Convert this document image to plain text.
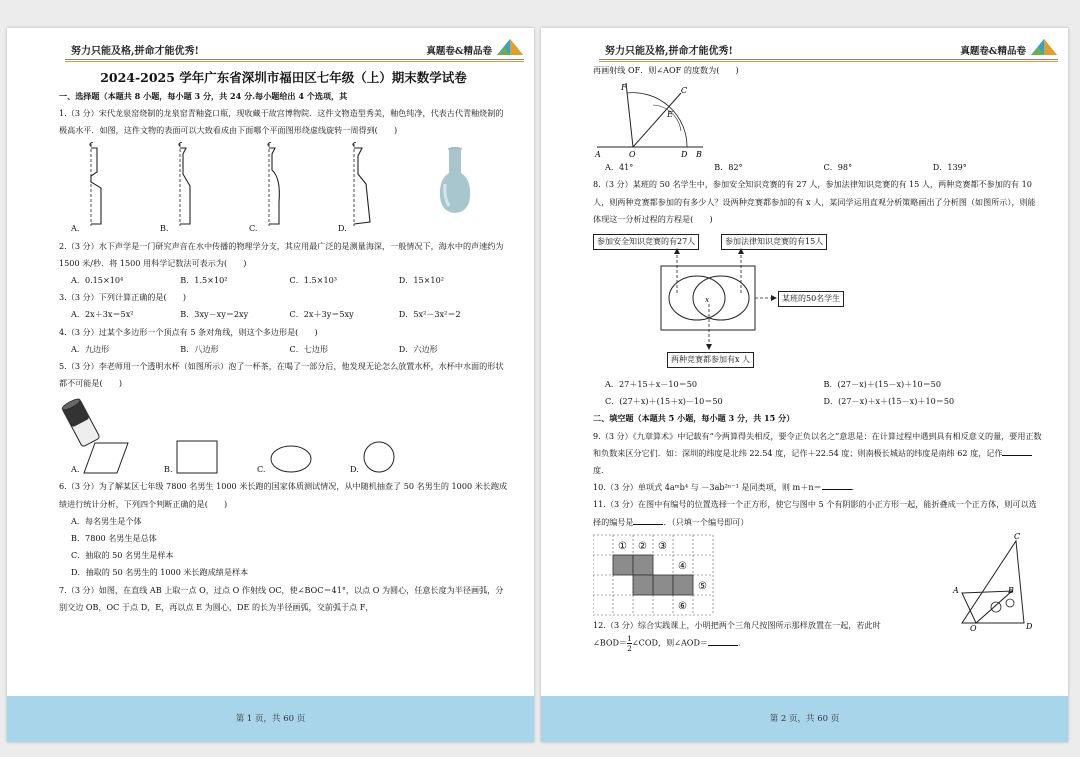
努力只能及格,拼命才能优秀!	真题卷&精品卷

2024-2025 学年广东省深圳市福田区七年级（上）期末数学试卷

一、选择题（本题共 8 小题，每小题 3 分，共 24 分.每小题给出 4 个选项，其

1.（3 分）宋代龙泉窑烧制的龙泉窑青釉瓷口瓶，现收藏于故宫博物院．这件文物造型秀美，釉色纯净，代表古代青釉烧制的极高水平．如图，这件文物的表面可以大致看成由下面哪个平面图形绕虚线旋转一周得到(　　)

A.	B.	C.	D.

2.（3 分）水下声学是一门研究声音在水中传播的物理学分支，其应用最广泛的是测量海深，一般情况下，海水中的声速约为 1500 米/秒．将 1500 用科学记数法可表示为(　　)

A．0.15×10⁴	B．1.5×10²	C．1.5×10³	D．15×10²

3.（3 分）下列计算正确的是(　　)

A．2x＋3x＝5x²	B．3xy－xy＝2xy	C．2x＋3y＝5xy	D．5x²－3x²＝2

4.（3 分）过某个多边形一个顶点有 5 条对角线，则这个多边形是(　　)

A．九边形	B．八边形	C．七边形	D．六边形

5.（3 分）李老师用一个透明水杯（如图所示）泡了一杯茶，在喝了一部分后，他发现无论怎么放置水杯，水杯中水面的形状都不可能是(　　)

A.	B.	C.	D.

6.（3 分）为了解某区七年级 7800 名男生 1000 米长跑的国家体质测试情况，从中随机抽查了 50 名男生的 1000 米长跑成绩进行统计分析，下列四个判断正确的是(　　)

A．每名男生是个体

B．7800 名男生是总体

C．抽取的 50 名男生是样本

D．抽取的 50 名男生的 1000 米长跑成绩是样本

7.（3 分）如图，在直线 AB 上取一点 O，过点 O 作射线 OC，使∠BOC＝41°，以点 O 为圆心，任意长度为半径画弧，分别交边 OB，OC 于点 D，E，再以点 E 为圆心，DE 的长为半径画弧，交前弧于点 F，

第 1 页，共 60 页
努力只能及格,拼命才能优秀!	真题卷&精品卷

再画射线 OF．则∠AOF 的度数为(　　)

F	C
E
A	O	D B
A．41°	B．82°	C．98°	D．139°

8.（3 分）某班的 50 名学生中，参加安全知识竞赛的有 27 人，参加法律知识竞赛的有 15 人，两种竞赛都不参加的有 10 人，则两种竞赛都参加的有多少人？设两种竞赛都参加的有 x 人，某同学运用直观分析策略画出了分析图（如图所示），则能体现这一分析过程的方程是(　　)

参加安全知识竞赛的有27人	参加法律知识竞赛的有15人
x	某班的50名学生
两种竞赛都参加有x 人
A．27＋15＋x－10＝50	B．(27－x)＋(15－x)＋10＝50
C．(27＋x)＋(15＋x)－10＝50	D．(27－x)＋x＋(15－x)＋10＝50

二、填空题（本题共 5 小题，每小题 3 分，共 15 分）

9.（3 分）《九章算术》中记载有“今两算得失相反，要令正负以名之”意思是：在计算过程中遇到具有相反意义的量，要用正数和负数来区分它们．如：深圳的纬度是北纬 22.54 度，记作＋22.54 度；则南极长城站的纬度是南纬 62 度，记作度．

10.（3 分）单项式 4aᵐb⁴ 与 －3ab²ⁿ⁻¹ 是同类项，则 m＋n＝	．

11.（3 分）在图中有编号的位置选择一个正方形，使它与图中 5 个有阴影的小正方形一起，能折叠成一个正方体，则可以选择的编号是	．（只填一个编号即可）

① ② ③
④
⑤
⑥
C
A	B
O	D

12.（3 分）综合实践课上，小明把两个三角尺按图所示那样放置在一起，若此时

∠BOD＝ $\frac{1}{2}$ ∠COD，则∠AOD＝	．

第 2 页，共 60 页
